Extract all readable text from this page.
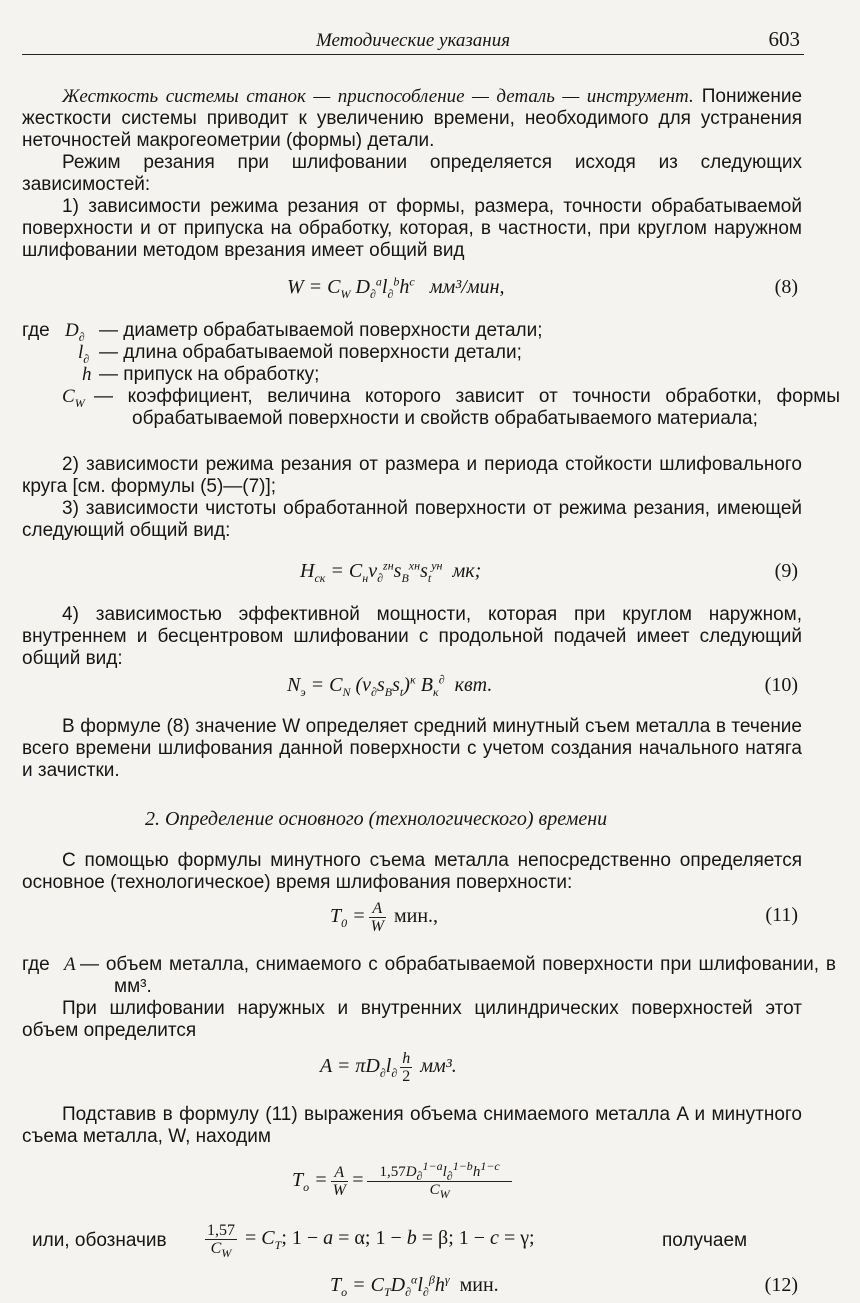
Методические указания	603
Жесткость системы станок — приспособление — деталь — инструмент. Понижение жесткости системы приводит к увеличению времени, необходимого для устранения неточностей макрогеометрии (формы) детали.
Режим резания при шлифовании определяется исходя из следующих зависимостей:
1) зависимости режима резания от формы, размера, точности обрабатываемой поверхности и от припуска на обработку, которая, в частности, при круглом наружном шлифовании методом врезания имеет общий вид
$W = C_W$ $D_\partial^al_\partial^bh^c$ мм³/мин,	(8)
где $D_\partial$ — диаметр обрабатываемой поверхности детали;
$l_\partial$ — длина обрабатываемой поверхности детали;
h — припуск на обработку;
$C_W$ — коэффициент, величина которого зависит от точности обработки, формы обрабатываемой поверхности и свойств обрабатываемого материала;
2) зависимости режима резания от размера и периода стойкости шлифовального круга [см. формулы (5)—(7)];
3) зависимости чистоты обработанной поверхности от режима резания, имеющей следующий общий вид:
$H_{ск} = C_нv_\partial^{zн}s_B^{xн}s_t^{yн}$ мк;	(9)
4) зависимостью эффективной мощности, которая при круглом наружном, внутреннем и бесцентровом шлифовании с продольной подачей имеет следующий общий вид:
$N_э = C_N$ $(v_\partial s_Bs_t)^\kappa$ $B_\kappa^\partial$ квт.	(10)
В формуле (8) значение W определяет средний минутный съем металла в течение всего времени шлифования данной поверхности с учетом создания начального натяга и зачистки.
2. Определение основного (технологического) времени
С помощью формулы минутного съема металла непосредственно определяется основное (технологическое) время шлифования поверхности:
$T_0 = \frac{A}{W}$ мин.,	(11)
где A — объем металла, снимаемого с обрабатываемой поверхности при шлифовании, в мм³.
При шлифовании наружных и внутренних цилиндрических поверхностей этот объем определится
$A = \pi D_\partial l_\partial \frac{h}{2} мм^3$.
Подставив в формулу (11) выражения объема снимаемого металла A и минутного съема металла, W, находим
$T_o = \frac{A}{W} = \frac{1,57D_\partial^{1-a}l_\partial^{1-b}h^{1-c}}{C_W}$
или, обозначив $\frac{1,57}{C_W} = C_T$; 1 − a = α; 1 − b = β; 1 − c = γ;	получаем
$T_o = C_TD_\partial^\alpha l_\partial^\beta h^\gamma$ мин.	(12)
